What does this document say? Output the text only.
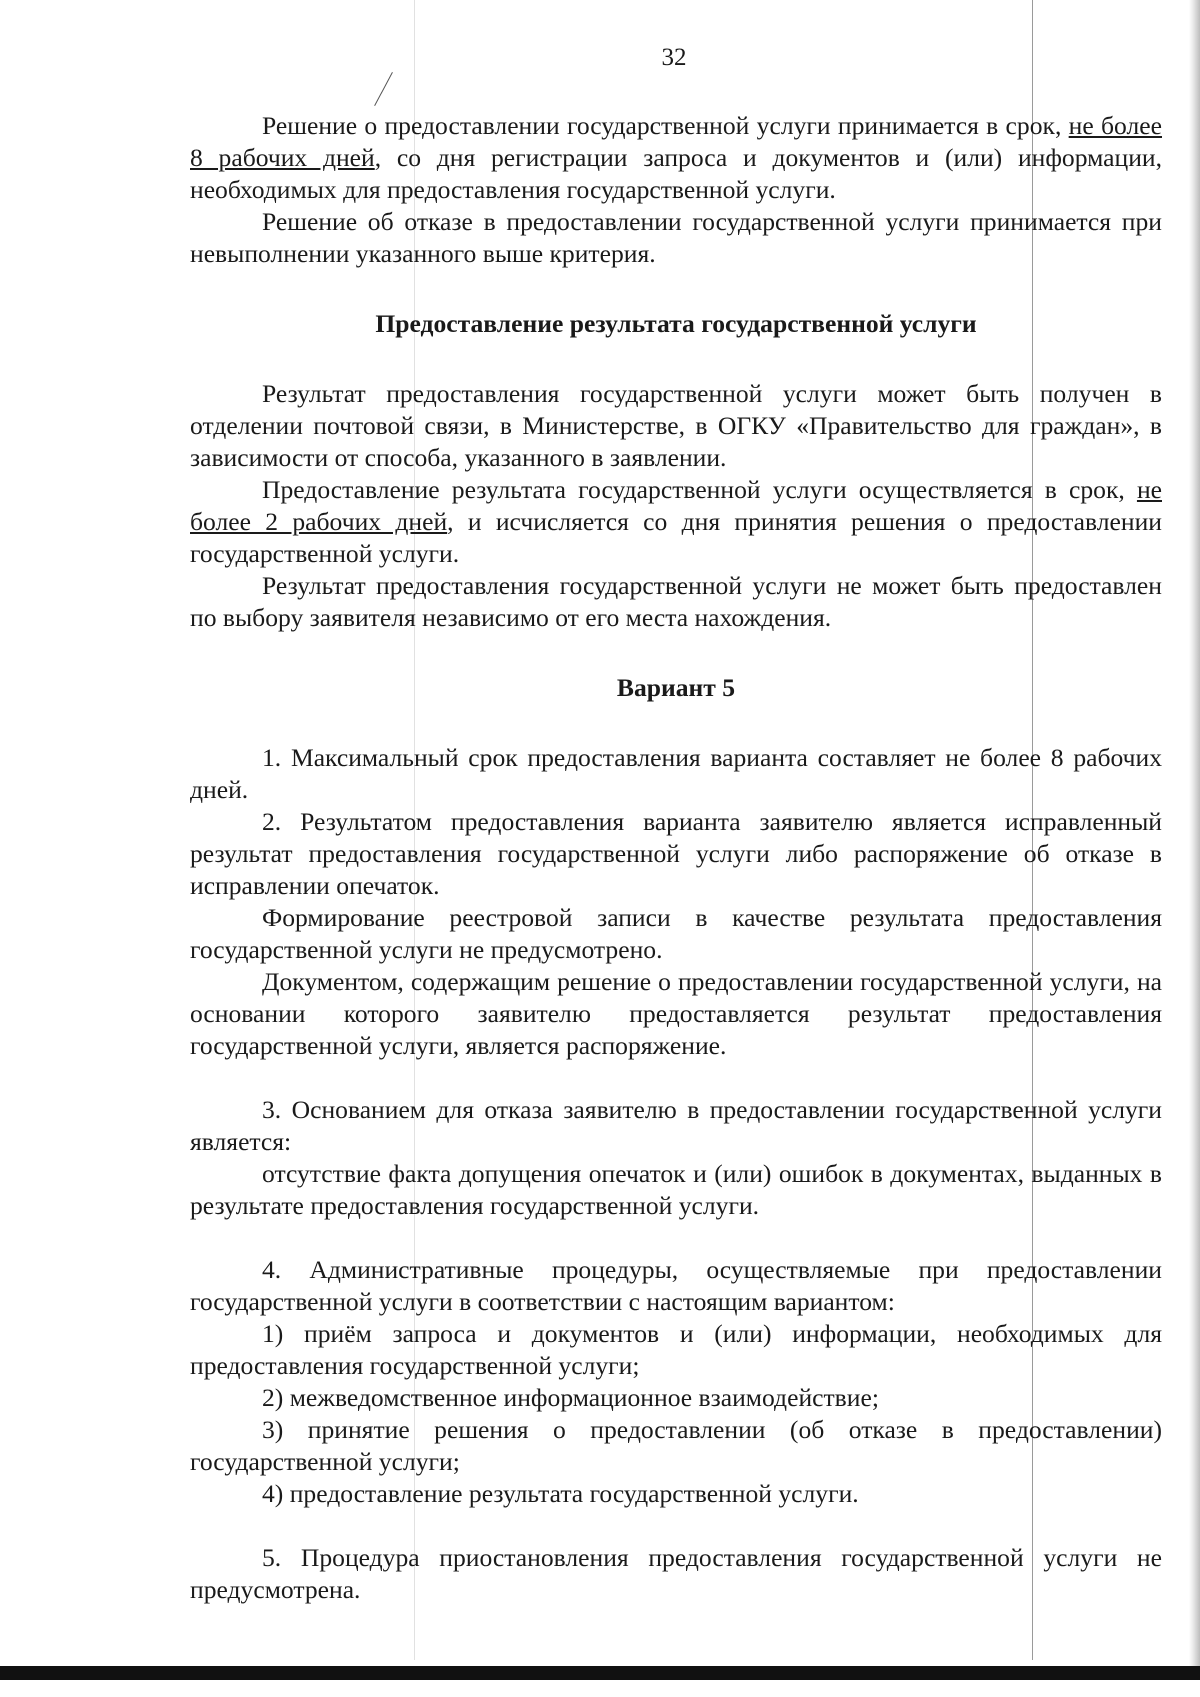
32

Решение о предоставлении государственной услуги принимается в срок, не более 8 рабочих дней, со дня регистрации запроса и документов и (или) информации, необходимых для предоставления государственной услуги.

Решение об отказе в предоставлении государственной услуги принимается при невыполнении указанного выше критерия.

Предоставление результата государственной услуги

Результат предоставления государственной услуги может быть получен в отделении почтовой связи, в Министерстве, в ОГКУ «Правительство для граждан», в зависимости от способа, указанного в заявлении.

Предоставление результата государственной услуги осуществляется в срок, не более 2 рабочих дней, и исчисляется со дня принятия решения о предоставлении государственной услуги.

Результат предоставления государственной услуги не может быть предоставлен по выбору заявителя независимо от его места нахождения.

Вариант 5

1. Максимальный срок предоставления варианта составляет не более 8 рабочих дней.

2. Результатом предоставления варианта заявителю является исправленный результат предоставления государственной услуги либо распоряжение об отказе в исправлении опечаток.

Формирование реестровой записи в качестве результата предоставления государственной услуги не предусмотрено.

Документом, содержащим решение о предоставлении государственной услуги, на основании которого заявителю предоставляется результат предоставления государственной услуги, является распоряжение.

3. Основанием для отказа заявителю в предоставлении государственной услуги является:

отсутствие факта допущения опечаток и (или) ошибок в документах, выданных в результате предоставления государственной услуги.

4. Административные процедуры, осуществляемые при предоставлении государственной услуги в соответствии с настоящим вариантом:

1) приём запроса и документов и (или) информации, необходимых для предоставления государственной услуги;

2) межведомственное информационное взаимодействие;

3) принятие решения о предоставлении (об отказе в предоставлении) государственной услуги;

4) предоставление результата государственной услуги.

5. Процедура приостановления предоставления государственной услуги не предусмотрена.
